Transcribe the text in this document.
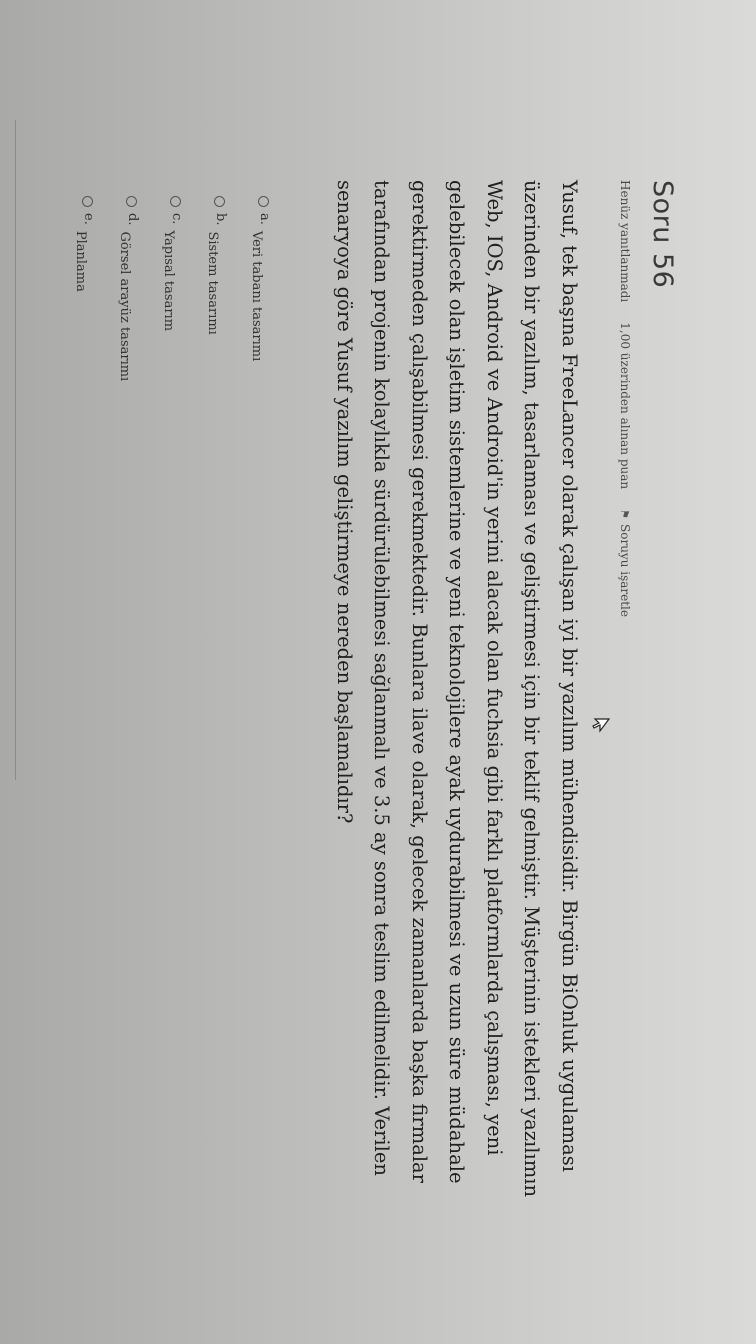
Soru 56
Henüz yanıtlanmadı
1,00 üzerinden alınan puan
⚑
Soruyu işaretle
Yusuf, tek başına FreeLancer olarak çalışan iyi bir yazılım mühendisidir. Birgün BiOnluk uygulaması üzerinden bir yazılım, tasarlaması ve geliştirmesi için bir teklif gelmiştir. Müşterinin istekleri yazılımın Web, IOS, Android ve Android'in yerini alacak olan fuchsia gibi farklı platformlarda çalışması, yeni gelebilecek olan işletim sistemlerine ve yeni teknolojilere ayak uydurabilmesi ve uzun süre müdahale gerektirmeden çalışabilmesi gerekmektedir. Bunlara ilave olarak, gelecek zamanlarda başka firmalar tarafından projenin kolaylıkla sürdürülebilmesi sağlanmalı ve 3.5 ay sonra teslim edilmelidir. Verilen senaryoya göre Yusuf yazılım geliştirmeye nereden başlamalıdır?
a.
Veri tabanı tasarımı
b.
Sistem tasarımı
c.
Yapısal tasarım
d.
Görsel arayüz tasarımı
e.
Planlama
